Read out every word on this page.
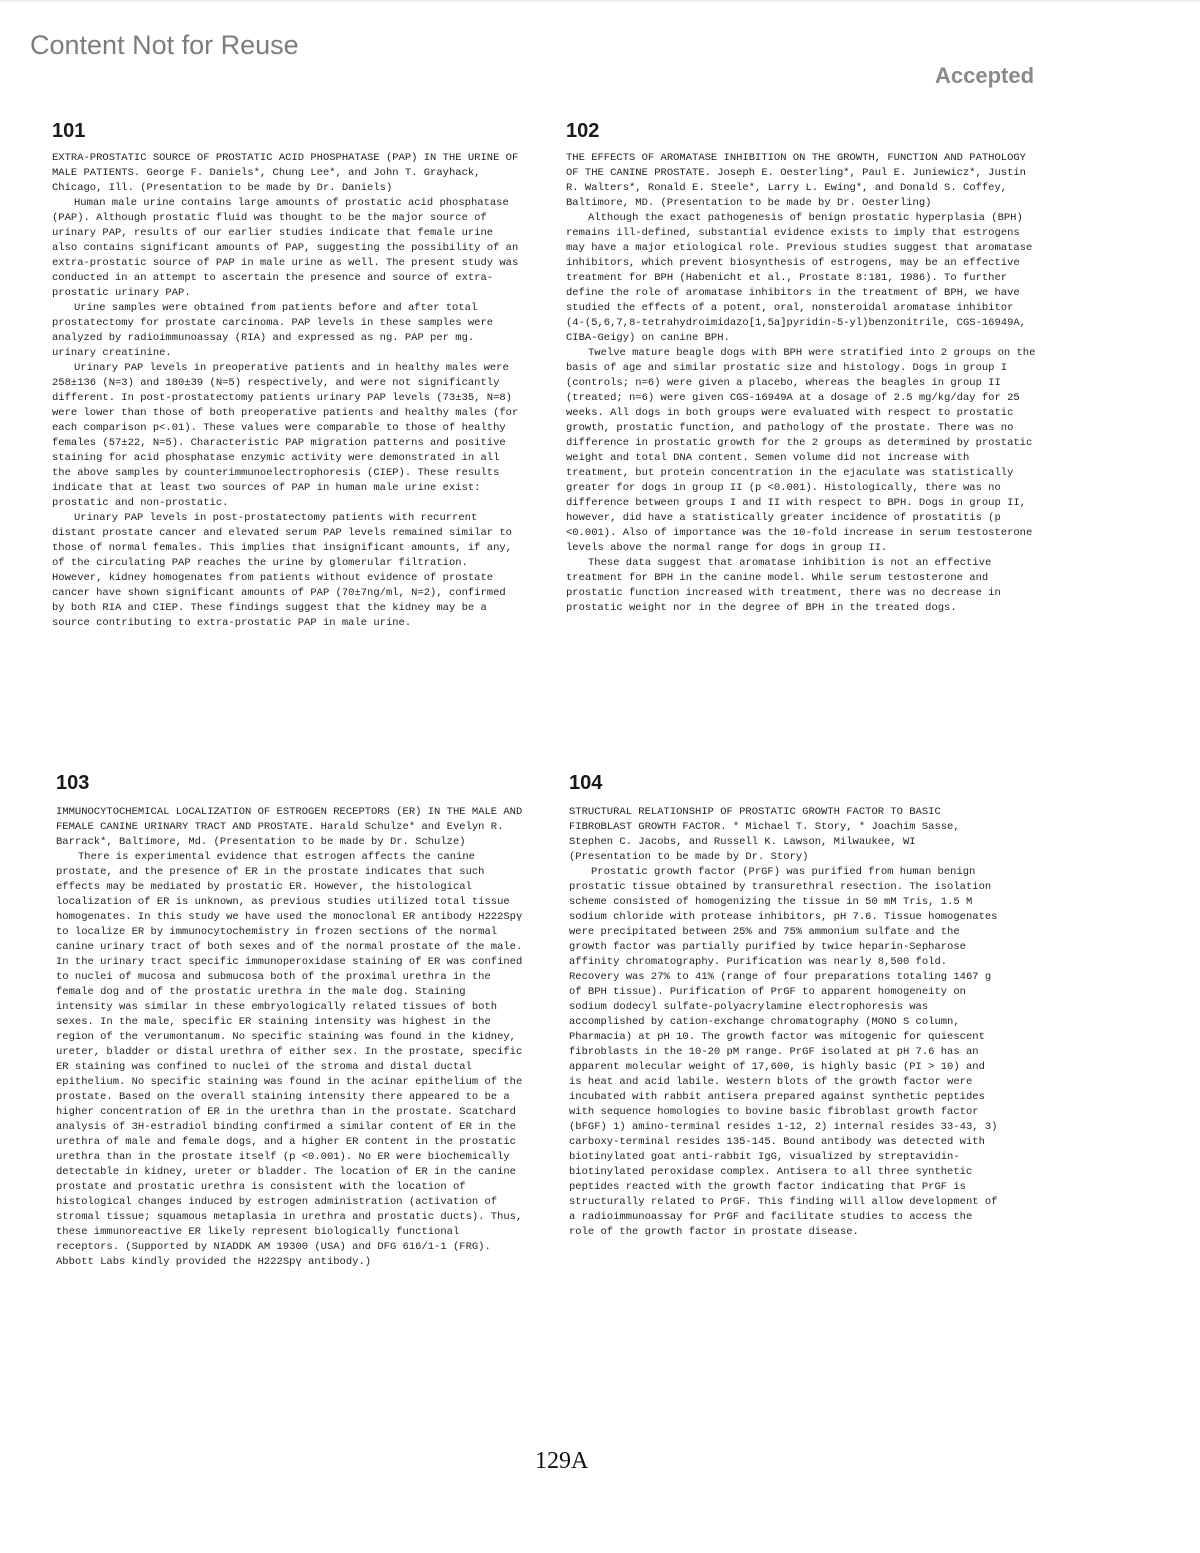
Content Not for Reuse
Accepted
101

EXTRA-PROSTATIC SOURCE OF PROSTATIC ACID PHOSPHATASE (PAP) IN THE URINE OF MALE PATIENTS. George F. Daniels*, Chung Lee*, and John T. Grayhack, Chicago, Ill. (Presentation to be made by Dr. Daniels)

Human male urine contains large amounts of prostatic acid phosphatase (PAP). Although prostatic fluid was thought to be the major source of urinary PAP, results of our earlier studies indicate that female urine also contains significant amounts of PAP, suggesting the possibility of an extra-prostatic source of PAP in male urine as well. The present study was conducted in an attempt to ascertain the presence and source of extra-prostatic urinary PAP.

Urine samples were obtained from patients before and after total prostatectomy for prostate carcinoma. PAP levels in these samples were analyzed by radioimmunoassay (RIA) and expressed as ng. PAP per mg. urinary creatinine.

Urinary PAP levels in preoperative patients and in healthy males were 258±136 (N=3) and 180±39 (N=5) respectively, and were not significantly different. In post-prostatectomy patients urinary PAP levels (73±35, N=8) were lower than those of both preoperative patients and healthy males (for each comparison p<.01). These values were comparable to those of healthy females (57±22, N=5). Characteristic PAP migration patterns and positive staining for acid phosphatase enzymic activity were demonstrated in all the above samples by counterimmunoelectrophoresis (CIEP). These results indicate that at least two sources of PAP in human male urine exist: prostatic and non-prostatic.

Urinary PAP levels in post-prostatectomy patients with recurrent distant prostate cancer and elevated serum PAP levels remained similar to those of normal females. This implies that insignificant amounts, if any, of the circulating PAP reaches the urine by glomerular filtration. However, kidney homogenates from patients without evidence of prostate cancer have shown significant amounts of PAP (70±7ng/ml, N=2), confirmed by both RIA and CIEP. These findings suggest that the kidney may be a source contributing to extra-prostatic PAP in male urine.

102

THE EFFECTS OF AROMATASE INHIBITION ON THE GROWTH, FUNCTION AND PATHOLOGY OF THE CANINE PROSTATE. Joseph E. Oesterling*, Paul E. Juniewicz*, Justin R. Walters*, Ronald E. Steele*, Larry L. Ewing*, and Donald S. Coffey, Baltimore, MD. (Presentation to be made by Dr. Oesterling)

Although the exact pathogenesis of benign prostatic hyperplasia (BPH) remains ill-defined, substantial evidence exists to imply that estrogens may have a major etiological role. Previous studies suggest that aromatase inhibitors, which prevent biosynthesis of estrogens, may be an effective treatment for BPH (Habenicht et al., Prostate 8:181, 1986). To further define the role of aromatase inhibitors in the treatment of BPH, we have studied the effects of a potent, oral, nonsteroidal aromatase inhibitor (4-(5,6,7,8-tetrahydroimidazo[1,5a]pyridin-5-yl)benzonitrile, CGS-16949A, CIBA-Geigy) on canine BPH.

Twelve mature beagle dogs with BPH were stratified into 2 groups on the basis of age and similar prostatic size and histology. Dogs in group I (controls; n=6) were given a placebo, whereas the beagles in group II (treated; n=6) were given CGS-16949A at a dosage of 2.5 mg/kg/day for 25 weeks. All dogs in both groups were evaluated with respect to prostatic growth, prostatic function, and pathology of the prostate. There was no difference in prostatic growth for the 2 groups as determined by prostatic weight and total DNA content. Semen volume did not increase with treatment, but protein concentration in the ejaculate was statistically greater for dogs in group II (p <0.001). Histologically, there was no difference between groups I and II with respect to BPH. Dogs in group II, however, did have a statistically greater incidence of prostatitis (p <0.001). Also of importance was the 10-fold increase in serum testosterone levels above the normal range for dogs in group II.

These data suggest that aromatase inhibition is not an effective treatment for BPH in the canine model. While serum testosterone and prostatic function increased with treatment, there was no decrease in prostatic weight nor in the degree of BPH in the treated dogs.

103

IMMUNOCYTOCHEMICAL LOCALIZATION OF ESTROGEN RECEPTORS (ER) IN THE MALE AND FEMALE CANINE URINARY TRACT AND PROSTATE. Harald Schulze* and Evelyn R. Barrack*, Baltimore, Md. (Presentation to be made by Dr. Schulze)

There is experimental evidence that estrogen affects the canine prostate, and the presence of ER in the prostate indicates that such effects may be mediated by prostatic ER. However, the histological localization of ER is unknown, as previous studies utilized total tissue homogenates. In this study we have used the monoclonal ER antibody H222Spγ to localize ER by immunocytochemistry in frozen sections of the normal canine urinary tract of both sexes and of the normal prostate of the male. In the urinary tract specific immunoperoxidase staining of ER was confined to nuclei of mucosa and submucosa both of the proximal urethra in the female dog and of the prostatic urethra in the male dog. Staining intensity was similar in these embryologically related tissues of both sexes. In the male, specific ER staining intensity was highest in the region of the verumontanum. No specific staining was found in the kidney, ureter, bladder or distal urethra of either sex. In the prostate, specific ER staining was confined to nuclei of the stroma and distal ductal epithelium. No specific staining was found in the acinar epithelium of the prostate. Based on the overall staining intensity there appeared to be a higher concentration of ER in the urethra than in the prostate. Scatchard analysis of 3H-estradiol binding confirmed a similar content of ER in the urethra of male and female dogs, and a higher ER content in the prostatic urethra than in the prostate itself (p <0.001). No ER were biochemically detectable in kidney, ureter or bladder. The location of ER in the canine prostate and prostatic urethra is consistent with the location of histological changes induced by estrogen administration (activation of stromal tissue; squamous metaplasia in urethra and prostatic ducts). Thus, these immunoreactive ER likely represent biologically functional receptors. (Supported by NIADDK AM 19300 (USA) and DFG 616/1-1 (FRG). Abbott Labs kindly provided the H222Spγ antibody.)

104

STRUCTURAL RELATIONSHIP OF PROSTATIC GROWTH FACTOR TO BASIC FIBROBLAST GROWTH FACTOR. * Michael T. Story, * Joachim Sasse, Stephen C. Jacobs, and Russell K. Lawson, Milwaukee, WI (Presentation to be made by Dr. Story)

Prostatic growth factor (PrGF) was purified from human benign prostatic tissue obtained by transurethral resection. The isolation scheme consisted of homogenizing the tissue in 50 mM Tris, 1.5 M sodium chloride with protease inhibitors, pH 7.6. Tissue homogenates were precipitated between 25% and 75% ammonium sulfate and the growth factor was partially purified by twice heparin-Sepharose affinity chromatography. Purification was nearly 8,500 fold. Recovery was 27% to 41% (range of four preparations totaling 1467 g of BPH tissue). Purification of PrGF to apparent homogeneity on sodium dodecyl sulfate-polyacrylamine electrophoresis was accomplished by cation-exchange chromatography (MONO S column, Pharmacia) at pH 10. The growth factor was mitogenic for quiescent fibroblasts in the 10-20 pM range. PrGF isolated at pH 7.6 has an apparent molecular weight of 17,600, is highly basic (PI > 10) and is heat and acid labile. Western blots of the growth factor were incubated with rabbit antisera prepared against synthetic peptides with sequence homologies to bovine basic fibroblast growth factor (bFGF) 1) amino-terminal resides 1-12, 2) internal resides 33-43, 3) carboxy-terminal resides 135-145. Bound antibody was detected with biotinylated goat anti-rabbit IgG, visualized by streptavidin-biotinylated peroxidase complex. Antisera to all three synthetic peptides reacted with the growth factor indicating that PrGF is structurally related to PrGF. This finding will allow development of a radioimmunoassay for PrGF and facilitate studies to access the role of the growth factor in prostate disease.

129A
